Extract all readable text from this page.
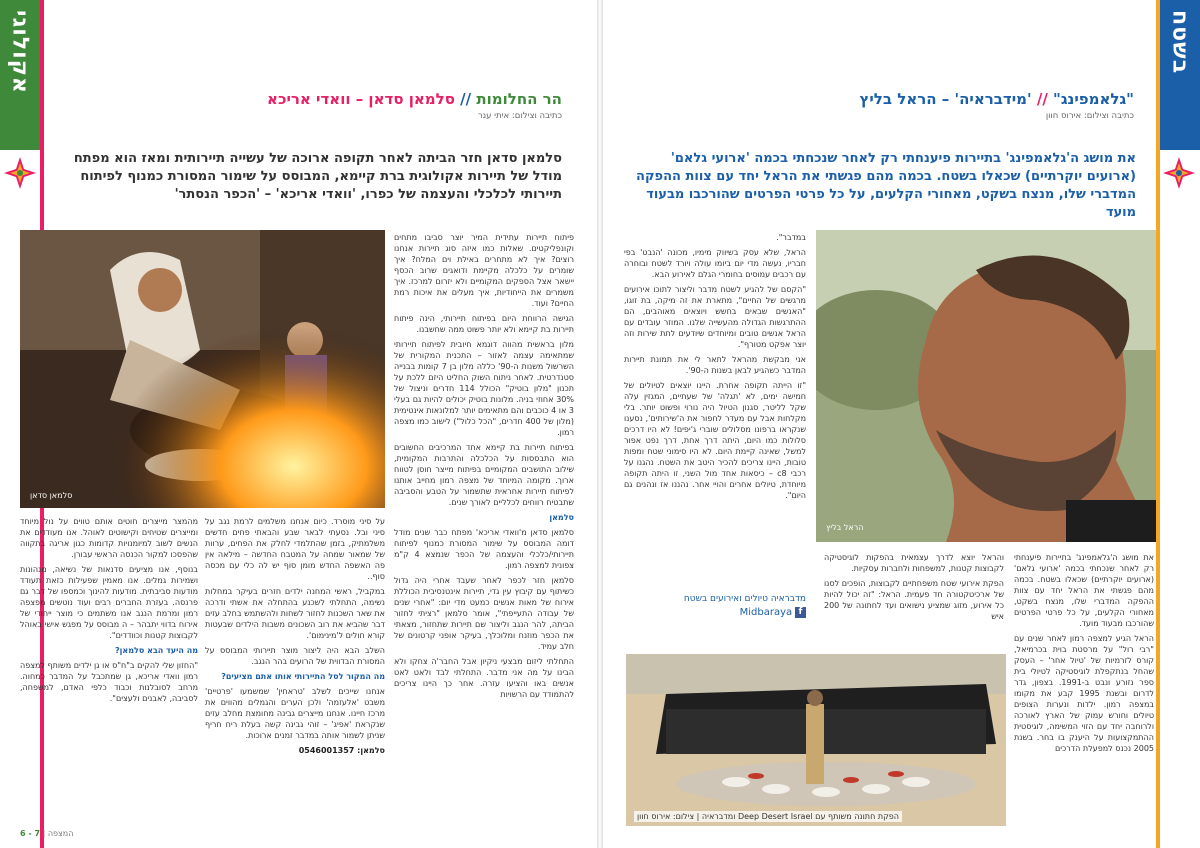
אקולוגי
הר החלומות // סלמאן סדאן – וואדי אריכא
כתיבה וצילום: איתי ענר
סלמאן סדאן חזר הביתה לאחר תקופה ארוכה של עשייה תיירותית ומאז הוא מפתח מודל של תיירות אקולוגית ברת קיימא, המבוסס על שימור המסורת כמנוף לפיתוח תיירותי לכלכלי והעצמה של כפרו, 'וואדי אריכא' – 'הכפר הנסתר'
סלמאן סדאן

פיתוח תיירות עתידית המיר יוצר סביבו מתחים וקונפליקטים. שאלות כמו איזה סוג תיירות אנחנו רוצים? איך לא מתחרים באילת וים המלח? איך שומרים על כלכלה מקיימת ודואגים שרוב הכסף יישאר אצל הספקים המקומיים ולא יזרום למרכז. איך משמרים את הייחודיות, איך מעלים את איכות רמת החיים? ועוד.

הגישה הרווחת היום בפיתוח תיירותי, הינה פיתוח תיירות בת קיימא ולא יותר פשוט ממה שחשבנו.

מלון בראשית מהווה דוגמא חיובית לפיתוח תיירותי שמתאימה עצמה לאזור – התכנית המקורית של השרשול משנות ה-90' כללה מלון בן 7 קומות בבנייה סטנדרטית. לאחר ניתוח השוק החליט היזם ללכת על תכנון "מלון בוטיק" הכולל 114 חדרים וניצול של 30% אחוזי בניה. מלונות בוטיק יכולים להיות גם בעלי 3 או 4 כוכבים והם מתאימים יותר למלונאות אינטימית (מלון של 400 חדרים, "הכל כלול") לישוב כמו מצפה רמון.

בפיתוח תיירות בת קיימא אחד המרכיבים החשובים הוא התבססות על הכלכלה והתרבות המקומית, שילוב התושבים המקומיים בפיתוח מייצר חוסן לטווח ארוך. מקומה המיוחד של מצפה רמון מחייב אותנו לפיתוח תיירות אחראית שתשמור על הטבע והסביבה שתבטיח רווחים לכלליים לאורך שנים.

סלמאן

סלמאן סדאן מ'וואדי אריכא' מפתח כבר שנים מודל דומה המבוסס על שימור המסורת כמנוף לפיתוח תיירותי/כלכלי והעצמה של הכפר שנמצא 4 ק"מ צפונית למצפה רמון.

סלמאן חזר לכפר לאחר שעבד אחרי היה גדול כשיתוף עם קיבוץ עין גדי, תיירות אינטנסיבית הכוללת אירוח של מאות אנשים כמעט מדי יום: "אחרי שנים של עבודה התעייפתי", אומר סלמאן "רציתי לחזור הביתה, להר הנגב וליצור שם תיירות שתחזור, מצאתי את הכפר מוזנח ומלוכלך, בעיקר אופני קרטונים של חלב עמיד.

התחלתי ליזום מבצעי ניקיון אבל החבר'ה צחקו ולא הבינו על מה אני מדבר. התחלתי לבד ולאט לאט אנשים באו והציעו עזרה. אחר כך היינו צריכים להתמודד עם הרשויות

על סיני מוסרד. כיום אנחנו משלמים לרמת נגב על סיני ובל. נסעתי לבאר שבע והבאתי פחים חדשים משלמתיק, בזמן שהתלמדי לחלק את הפחים, ערוות של שמאור שמחה על המטבח החדשה – מילאה אין פה האשפה החדש מומן סוף יש לה כלי עם מכסה סוף..

במקביל, ראשי המחנה ילדים חזרים בעיקר במחלות נשימה, התחלתי לשכנע בהתחלה את אשתי ודרכה את שאר השכנות לחזור לשחות ולהשתמש בחלב עזים דבר שהביא את רוב השכונים משבות הילדים שבעטות קורא חולים ל'מינימום'.

השלב הבא היה ליצור מוצר תיירותי המבוסס על המסורת הבדווית של הרועים בהר הנגב.

מה המקור לסל התיירותי אותו אתם מציעים?

אנחנו שייכים לשלב 'טראחין' שמשמעו 'פרטיים' משבט 'אלעזמה' ולכן הערים והגמלים מהווים את מרכז חיינו. אנחנו מייצרים גבינה מחומצת מחלב עזים שנקראת 'אפיג' – זוהי גבינה קשה בעלת ריח חריף שניתן לשמור אותה במדבר זמנים ארוכות.

סלמאן: 0546001357

מהמצר מייצרים חוטים אותם טווים על נול מיוחד ומייצרים שטיחים וקישוטים לאוהל. אנו מעודדים את הנשים לשוב למיומנויות קדומות כגון אריגה בתקווה שהפסכו למקור הכנסה הראשי עבורן.

בנוסף, אנו מציעים סדנאות של נשיאה, מנהונות ושמירות גמלים. אנו מאמין שפעילות כזאת תעודד מודעות סביבתית. מודעות להינוך וכמספו של דבר גם פרנסה. בעזרת החברים רבים ועוד נוטשים מפצפה רמון ומרמת הנגב אנו משתמים כי מוצר ייחודי של אירוח בדווי יתבהר – ה מבוסס על מפגש אישי באוהל לקבוצות קטנות וכוודדים".

מה היעד הבא סלמאן?

"החזון שלי להקים ב"ח"ס או גן ילדים משותף למצפה רמון וואדי אריכא, גן שמתכבל על המדבר כמחוה. מרחב לסובלנות וכבוד כלפי האדם, למשפחה, לסביבה, לאבנים ולעצים".

6 - 7 | המצפה
בשטח
"גלאמפינג" // 'מידבראיה' – הראל בליץ
כתיבה וצילום: אירוס חוון
את מושג ה'גלאמפינג' בתיירות פיענחתי רק לאחר שנכחתי בכמה 'ארועי גלאם' (ארועים יוקרתיים) שכאלו בשטח. בכמה מהם פגשתי את הראל יחד עם צוות ההפקה המדברי שלו, מנצח בשקט, מאחורי הקלעים, על כל פרטי הפרטים שהורכבו מבעוד מועד
הראל בליץ

את מושג ה'גלאמפינג' בתיירות פיענחתי רק לאחר שנכחתי בכמה 'ארועי גלאם' (ארועים יוקרתיים) שכאלו בשטח. בכמה מהם פגשתי את הראל יחד עם צוות ההפקה המדברי שלו, מנצח בשקט, מאחורי הקלעים, על כל פרטי הפרטים שהורכבו מבעוד מועד.

הראל הגיע למצפה רמון לאחר שנים עם "רבי רול" על מרסטת בוית בכרמיאל, קורס לזרמיות של 'טיול אחר' – העסק שהחל בנתקפלת לוגיסטיקה לטיולי בית ספר נזורע ונבט ב-1991. בצפון, גדר לדרום ובשנת 1995 קבע את מקומו במצפה רמון. ילדות ונערות הצופים טיולים וחורש עמוק של הארץ לאורכה ולרוחבה יחד עם הזוי המשימה, לוגיסטית ההתמקצועות על היענק בו בחר. בשנת 2005 נכנס למפעלת הדרכים

והראל יוצא לדרך עצמאית בהפקות לוגיסטיקה לקבוצות קטנות, למשפחות ולחברות עסקיות.

הפקת אירועי שטח משפחתיים לקבוצות, הופכים לסנו של ארכיטקטורה חד פעמית. הראל: "זה יכול להיות כל אירוע, מזוג שמציע נישואים ועד לחתונה של 200 איש

במדבר".

הראל, שלא עסק בשיווק מימיו, מכונה 'הנבט' בפי חבריו, נעשה מדי יום ביומו עולה ויורד לשטח ובוחרה עם רכבים עמוסים בחומרי הגלם לאירוע הבא.

"הקסם של להגיע לשטח מדבר וליצור לתוכו אירועים מרגשים של החיים", מתארת את זה מיקה, בת זוגו, "האנשים שבאים בחשש ויוצאים מאוהבים, הם ההתרגשות הגדולה מהעשייה שלנו. המוזר עובדים עם הראל אנשים טובים ומיוחדים שיודעים לתת שירות וזה יוצר אפקט מטורף".

אני מבקשת מהראל לתאר לי את תמונת תיירות המדבר כשהגיע לבאן בשנות ה-90'.

"זו הייתה תקופה אחרת. היינו יוצאים לטיולים של חמישה ימים, לא 'תגלה' של שעתיים, המגזין עלה שקל לליטר, סגנון הטיול היה נורוי ופשוט יותר. בלי מקלחות אבל עם מעדר לחפור את ה'שירותים', נסענו שנקראו ברפונו מסלולים שוברי ג'יפים! לא היו דרכים סלולות כמו היום, היתה דרך אחת, דרך נפט אפור למשל, שאינה קיימת היום. לא היו סימוני שטח ומפות טובות, היינו צריכים להכיר היטב את השטח. נהגנו על רכבי c8 – כיסאות אחד מול השני, זו היתה תקופה מיוחדת, טיולים אחרים והויי אחר. נהננו אז ונהנים גם היום".

מדבראיה טיולים ואירועים בשטח
f Midbaraya
הפקת חתונה משותף עם Deep Desert Israel ומדבראיה | צילום: אירוס חוון
